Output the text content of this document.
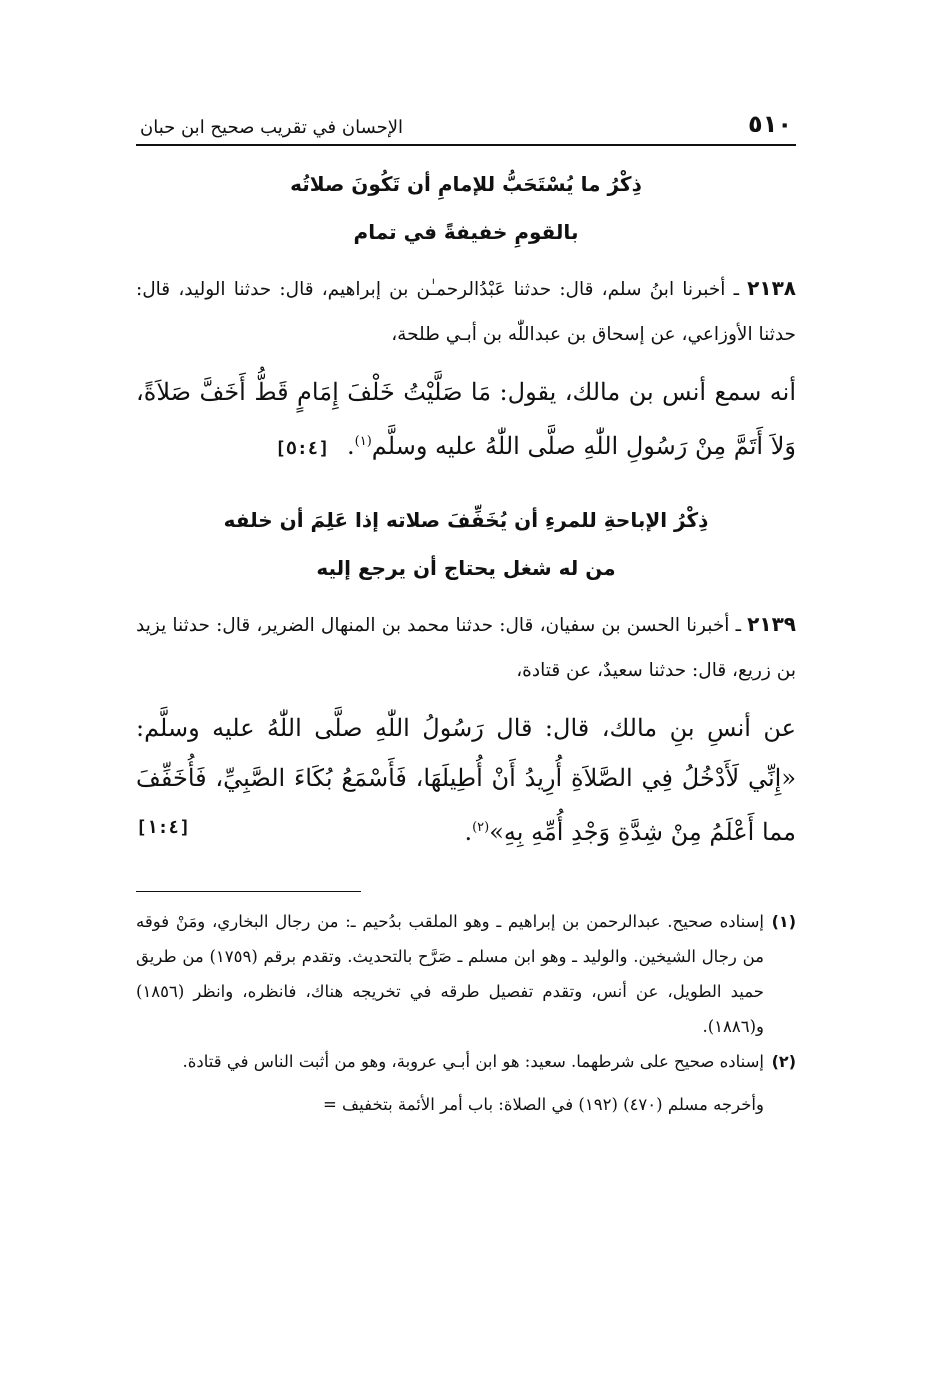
٥١٠
الإحسان في تقريب صحيح ابن حبان
ذِكْرُ ما يُسْتَحَبُّ للإمامِ أن تَكُونَ صلاتُه
بالقومِ خفيفةً في تمام
٢١٣٨ ـ أخبرنا ابنُ سلم، قال: حدثنا عَبْدُالرحمـٰن بن إبراهيم، قال: حدثنا الوليد، قال: حدثنا الأوزاعي، عن إسحاق بن عبداللّٰه بن أبـي طلحة،
أنه سمع أنس بن مالك، يقول: مَا صَلَّيْتُ خَلْفَ إِمَامٍ قَطُّ أَخَفَّ صَلاَةً، وَلاَ أَتَمَّ مِنْ رَسُولِ اللّٰهِ صلَّى اللّٰهُ عليه وسلَّم$^{(١)}$. [٥:٤]
ذِكْرُ الإباحةِ للمرءِ أن يُخَفِّفَ صلاته إذا عَلِمَ أن خلفه
من له شغل يحتاج أن يرجع إليه
٢١٣٩ ـ أخبرنا الحسن بن سفيان، قال: حدثنا محمد بن المنهال الضرير، قال: حدثنا يزيد بن زريع، قال: حدثنا سعيدٌ، عن قتادة،
عن أنسِ بنِ مالك، قال: قال رَسُولُ اللّٰهِ صلَّى اللّٰهُ عليه وسلَّم: «إِنِّي لَأَدْخُلُ فِي الصَّلاَةِ أُرِيدُ أَنْ أُطِيلَهَا، فَأَسْمَعُ بُكَاءَ الصَّبِيِّ، فَأُخَفِّفَ مما أَعْلَمُ مِنْ شِدَّةِ وَجْدِ أُمِّهِ بِهِ»$^{(٢)}$.
[١:٤]
(١)
إسناده صحيح. عبدالرحمن بن إبراهيم ـ وهو الملقب بدُحيم ـ: من رجال البخاري، ومَنْ فوقه من رجال الشيخين. والوليد ـ وهو ابن مسلم ـ صَرَّح بالتحديث. وتقدم برقم (١٧٥٩) من طريق حميد الطويل، عن أنس، وتقدم تفصيل طرقه في تخريجه هناك، فانظره، وانظر (١٨٥٦) و(١٨٨٦).
(٢)
إسناده صحيح على شرطهما. سعيد: هو ابن أبـي عروبة، وهو من أثبت الناس في قتادة.
وأخرجه مسلم (٤٧٠) (١٩٢) في الصلاة: باب أمر الأئمة بتخفيف =
